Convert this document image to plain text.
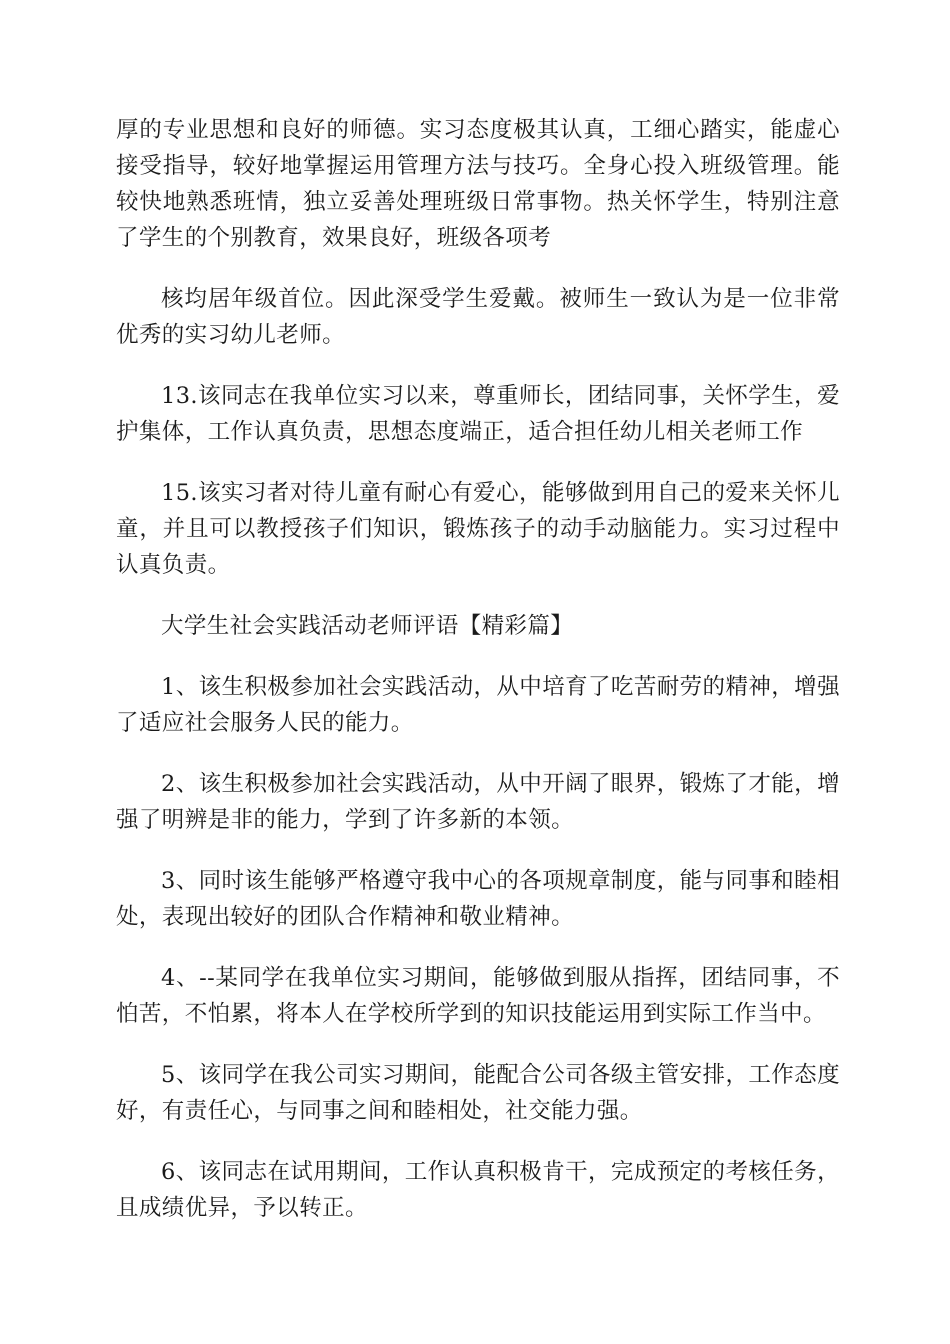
厚的专业思想和良好的师德。实习态度极其认真，工细心踏实，能虚心接受指导，较好地掌握运用管理方法与技巧。全身心投入班级管理。能较快地熟悉班情，独立妥善处理班级日常事物。热关怀学生，特别注意了学生的个别教育，效果良好，班级各项考

核均居年级首位。因此深受学生爱戴。被师生一致认为是一位非常优秀的实习幼儿老师。

13.该同志在我单位实习以来，尊重师长，团结同事，关怀学生，爱护集体，工作认真负责，思想态度端正，适合担任幼儿相关老师工作

15.该实习者对待儿童有耐心有爱心，能够做到用自己的爱来关怀儿童，并且可以教授孩子们知识，锻炼孩子的动手动脑能力。实习过程中认真负责。

大学生社会实践活动老师评语【精彩篇】

1、该生积极参加社会实践活动，从中培育了吃苦耐劳的精神，增强了适应社会服务人民的能力。

2、该生积极参加社会实践活动，从中开阔了眼界，锻炼了才能，增强了明辨是非的能力，学到了许多新的本领。

3、同时该生能够严格遵守我中心的各项规章制度，能与同事和睦相处，表现出较好的团队合作精神和敬业精神。

4、--某同学在我单位实习期间，能够做到服从指挥，团结同事，不怕苦，不怕累，将本人在学校所学到的知识技能运用到实际工作当中。

5、该同学在我公司实习期间，能配合公司各级主管安排，工作态度好，有责任心，与同事之间和睦相处，社交能力强。

6、该同志在试用期间，工作认真积极肯干，完成预定的考核任务，且成绩优异，予以转正。
